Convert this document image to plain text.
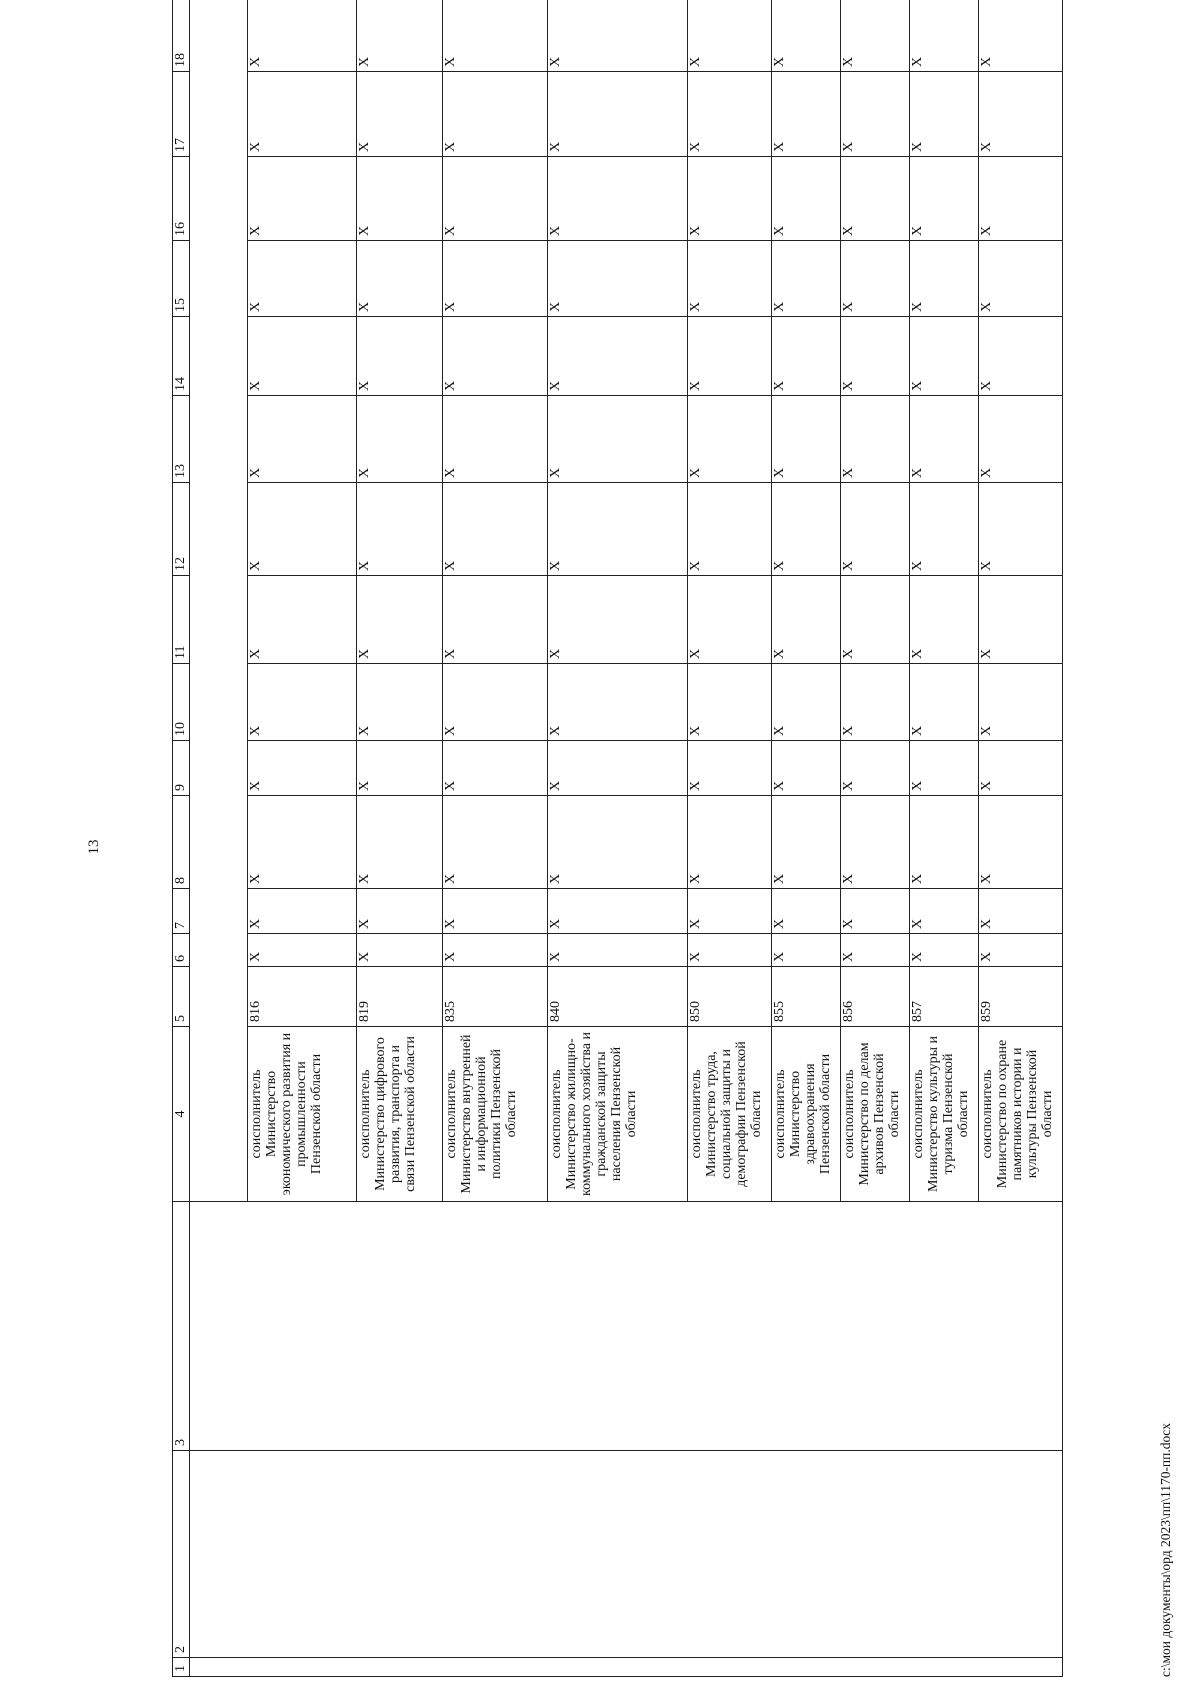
13
1	2	3	4	5	6	7	8	9	10	11	12	13	14	15	16	17	18

			соисполнитель Министерство экономического развития и промышленности Пензенской области	816	X	X	X	X	X	X	X	X	X	X	X	X	X
			соисполнитель Министерство цифрового развития, транспорта и связи Пензенской области	819	X	X	X	X	X	X	X	X	X	X	X	X	X
			соисполнитель Министерство внутренней и информационной политики Пензенской области	835	X	X	X	X	X	X	X	X	X	X	X	X	X
			соисполнитель Министерство жилищно-коммунального хозяйства и гражданской защиты населения Пензенской области	840	X	X	X	X	X	X	X	X	X	X	X	X	X
			соисполнитель Министерство труда, социальной защиты и демографии Пензенской области	850	X	X	X	X	X	X	X	X	X	X	X	X	X
			соисполнитель Министерство здравоохранения Пензенской области	855	X	X	X	X	X	X	X	X	X	X	X	X	X
			соисполнитель Министерство по делам архивов Пензенской области	856	X	X	X	X	X	X	X	X	X	X	X	X	X
			соисполнитель Министерство культуры и туризма Пензенской области	857	X	X	X	X	X	X	X	X	X	X	X	X	X
			соисполнитель Министерство по охране памятников истории и культуры Пензенской области	859	X	X	X	X	X	X	X	X	X	X	X	X	X
c:\мои документы\орд 2023\пп\1170-пп.docx
